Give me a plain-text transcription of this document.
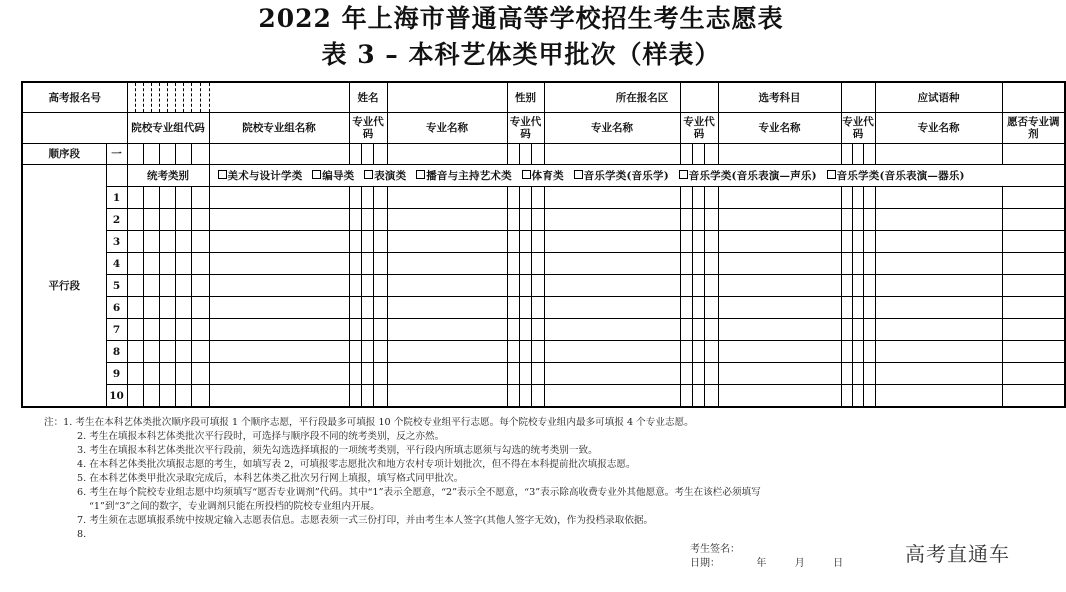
2022 年上海市普通高等学校招生考生志愿表
表 3 – 本科艺体类甲批次（样表）
高考报名号													姓名				性别			所在报名区				选考科目				应试语种	
		院校专业组代码										院校专业组名称	专业代码			专业名称	专业代码			专业名称	专业代码			专业名称	专业代码			专业名称	愿否专业调剂
顺序段	一																												
平行段		统考类别										美术与设计学类 编导类 表演类 播音与主持艺术类 体育类 音乐学类(音乐学) 音乐学类(音乐表演—声乐) 音乐学类(音乐表演—器乐)																	
	1																												
	2																												
	3																												
	4																												
	5																												
	6																												
	7																												
	8																												
	9																												
	10																												
注：1. 考生在本科艺体类批次顺序段可填报 1 个顺序志愿，平行段最多可填报 10 个院校专业组平行志愿。每个院校专业组内最多可填报 4 个专业志愿。
2. 考生在填报本科艺体类批次平行段时，可选择与顺序段不同的统考类别，反之亦然。
3. 考生在填报本科艺体类批次平行段前，须先勾选选择填报的一项统考类别，平行段内所填志愿须与勾选的统考类别一致。
4. 在本科艺体类批次填报志愿的考生，如填写表 2，可填报零志愿批次和地方农村专项计划批次，但不得在本科提前批次填报志愿。
5. 在本科艺体类甲批次录取完成后，本科艺体类乙批次另行网上填报，填写格式同甲批次。
6. 考生在每个院校专业组志愿中均须填写“愿否专业调剂”代码。其中“1”表示全愿意，“2”表示全不愿意，“3”表示除高收费专业外其他愿意。考生在该栏必须填写
“1”到“3”之间的数字，专业调剂只能在所投档的院校专业组内开展。
7. 考生须在志愿填报系统中按规定输入志愿表信息。志愿表须一式三份打印，并由考生本人签字(其他人签字无效)，作为投档录取依据。
8.
考生签名：
日期：	年	月	日	高考直通车
